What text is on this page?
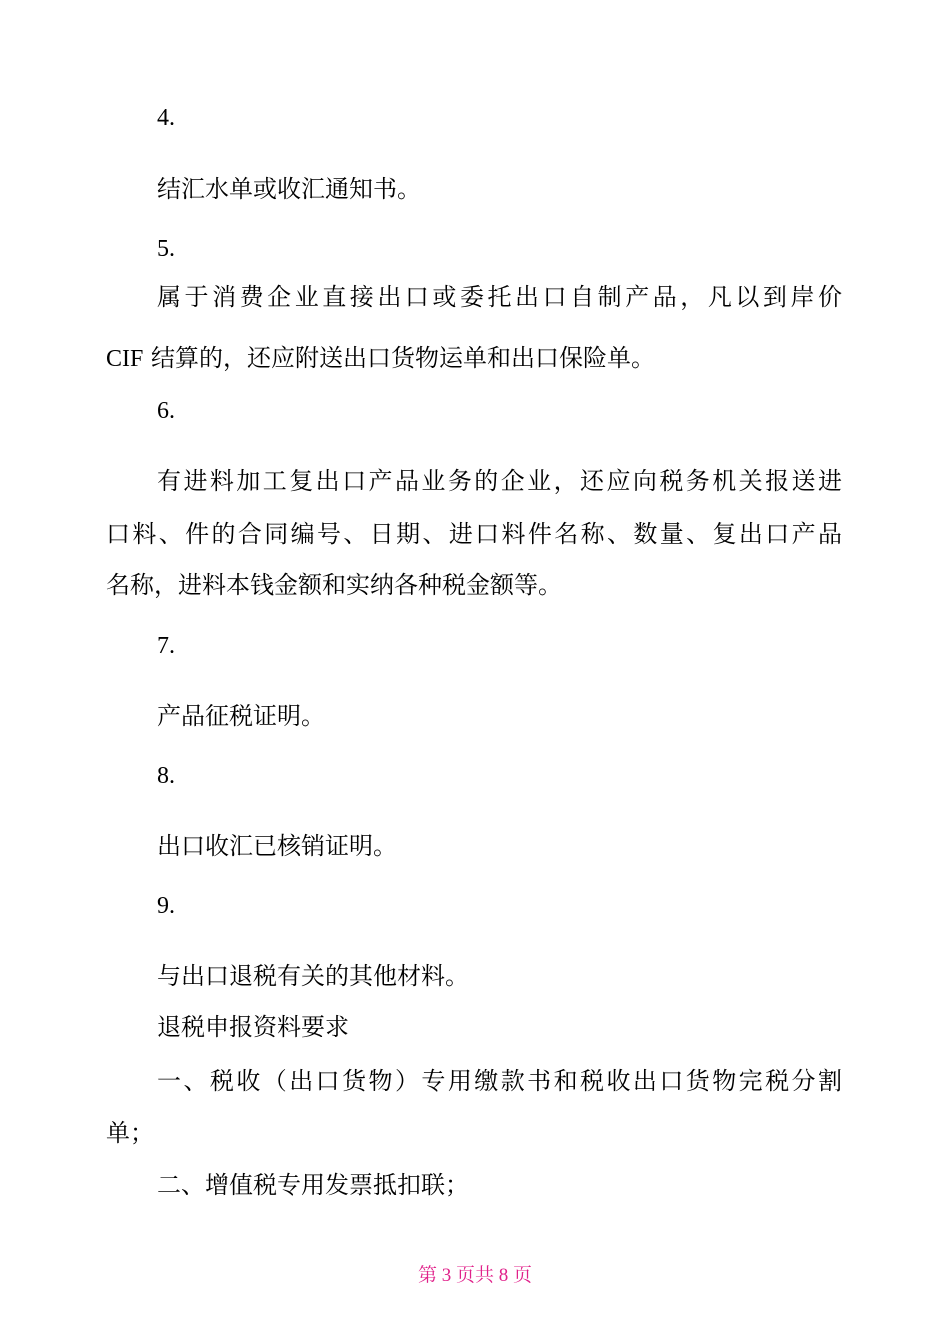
4.
结汇水单或收汇通知书。
5.
属于消费企业直接出口或委托出口自制产品，凡以到岸价
CIF 结算的，还应附送出口货物运单和出口保险单。
6.
有进料加工复出口产品业务的企业，还应向税务机关报送进
口料、件的合同编号、日期、进口料件名称、数量、复出口产品
名称，进料本钱金额和实纳各种税金额等。
7.
产品征税证明。
8.
出口收汇已核销证明。
9.
与出口退税有关的其他材料。
退税申报资料要求
一、税收（出口货物）专用缴款书和税收出口货物完税分割
单；
二、增值税专用发票抵扣联；
第 3 页共 8 页
